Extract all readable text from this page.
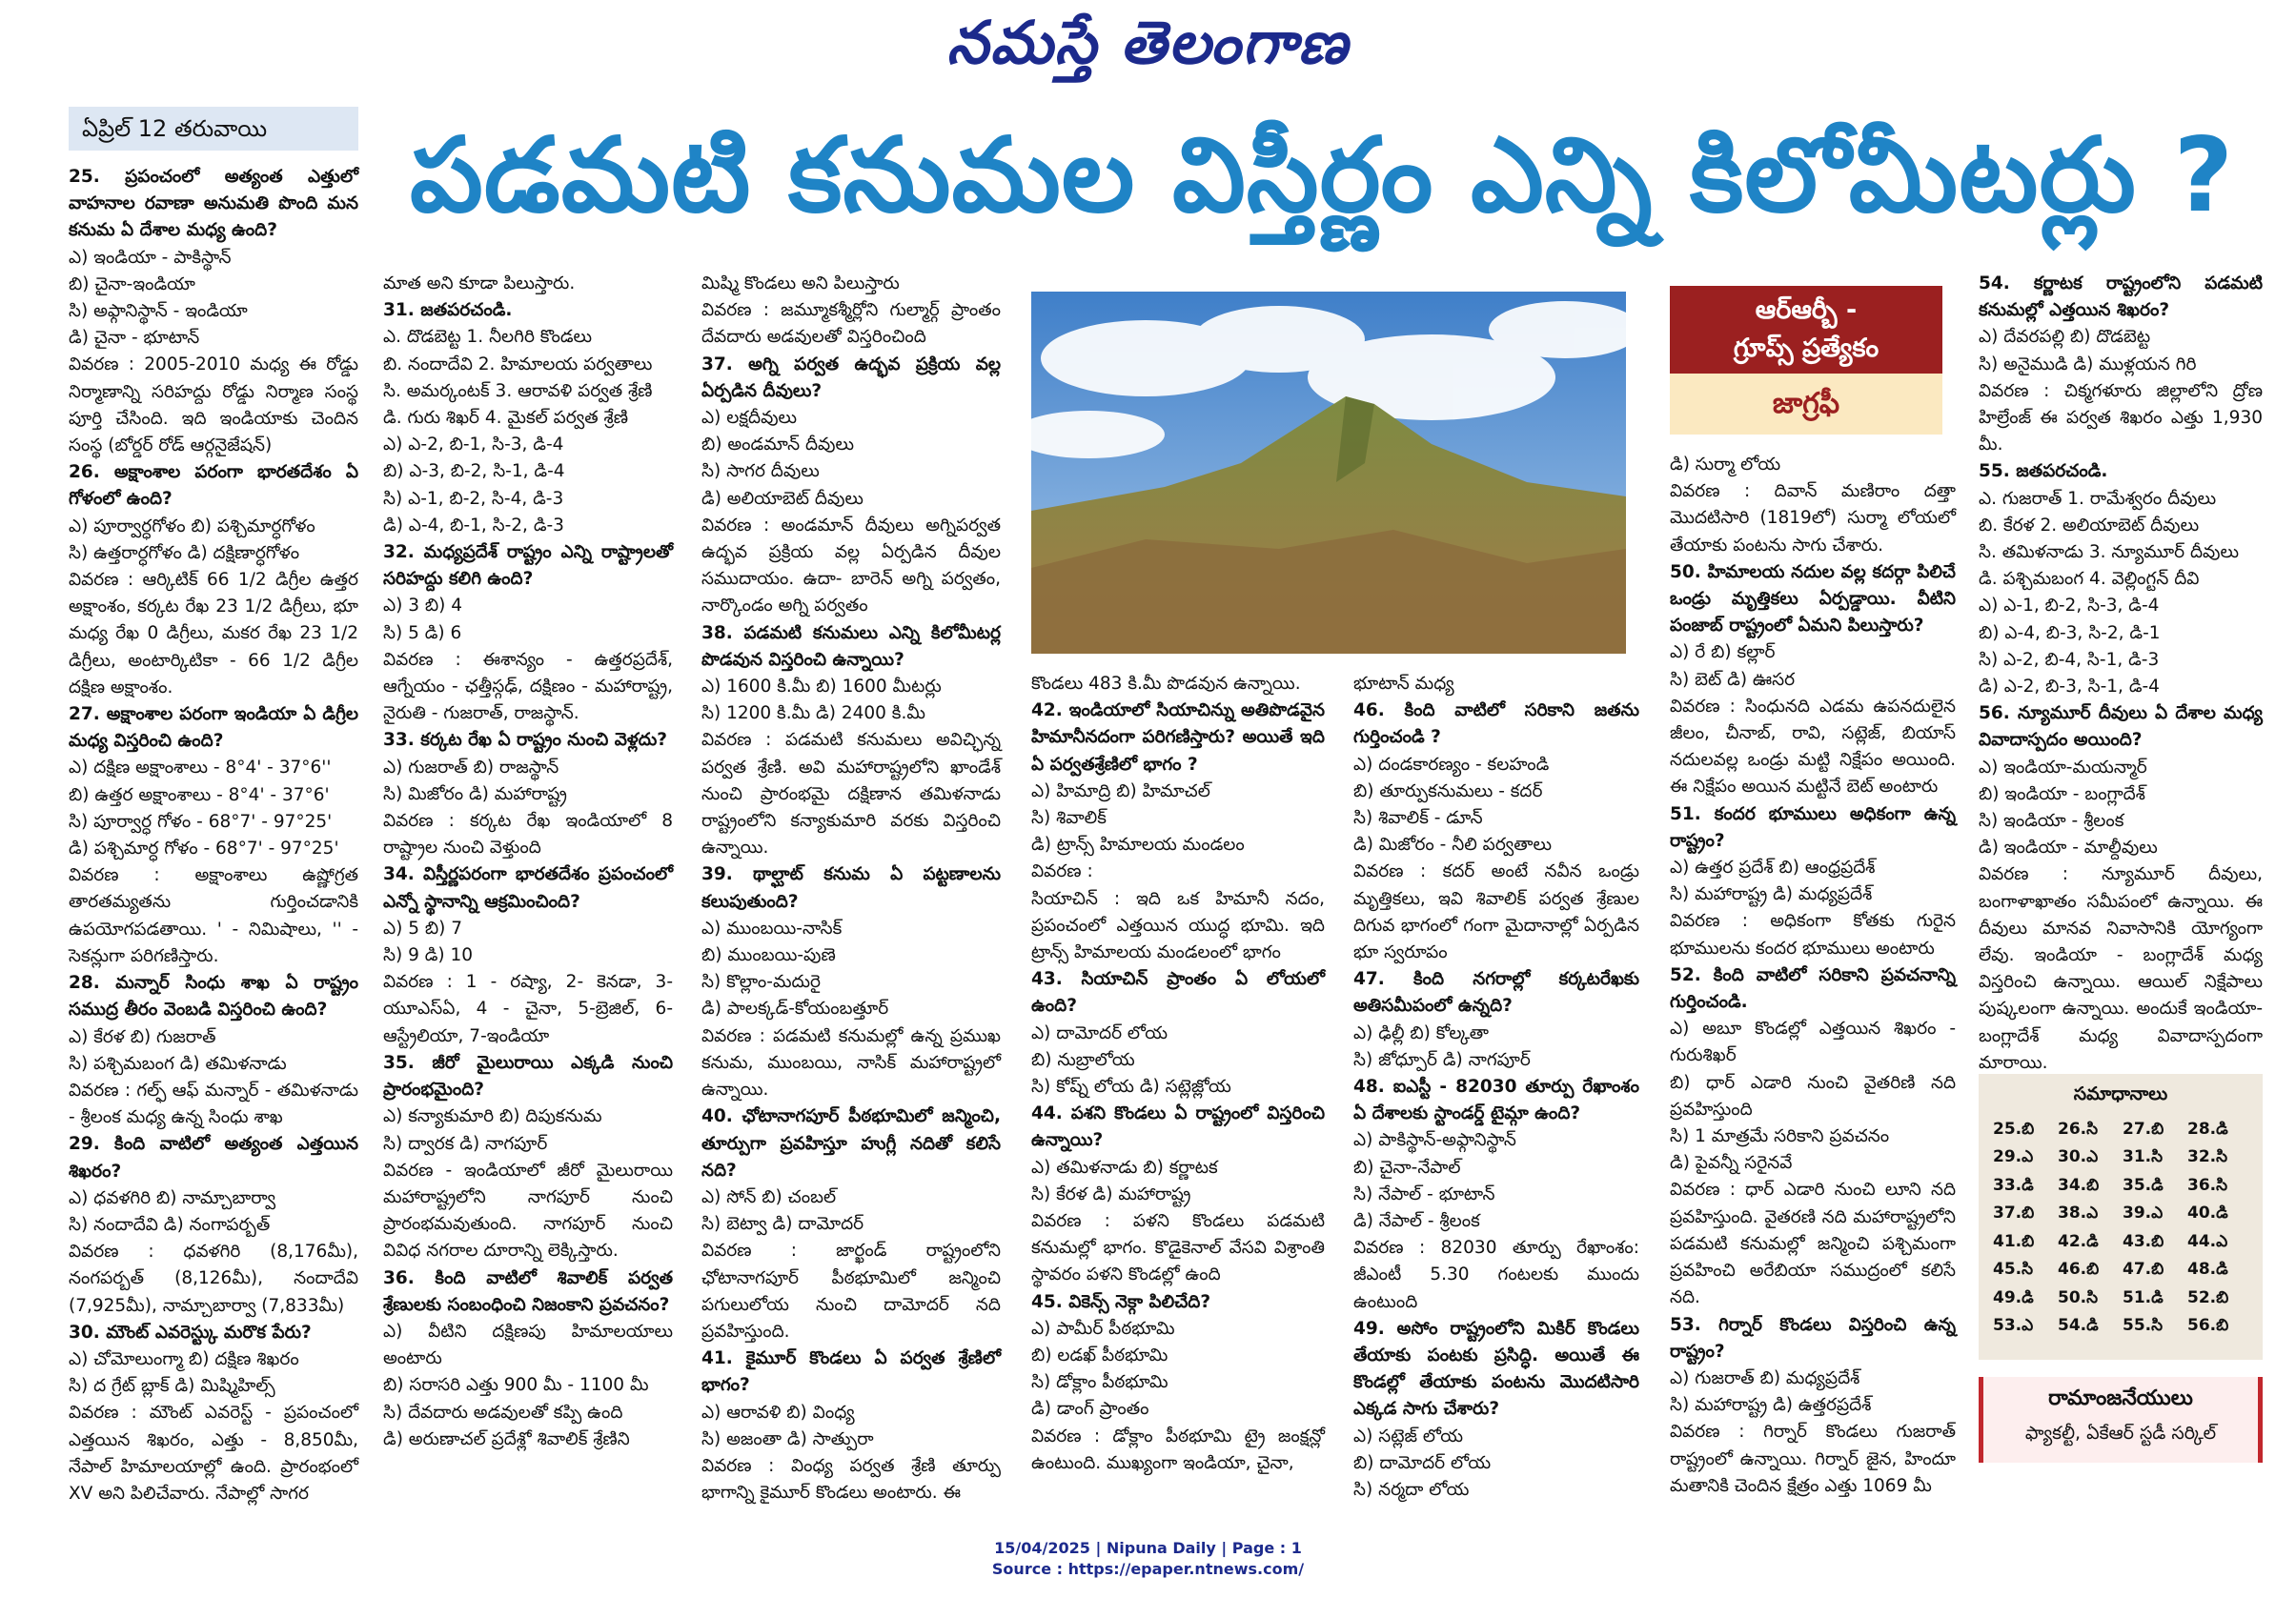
నమస్తే తెలంగాణ
ఏప్రిల్ 12 తరువాయి	పడమటి కనుమల విస్తీర్ణం ఎన్ని కిలోమీటర్లు ?

25. ప్రపంచంలో అత్యంత ఎత్తులో వాహనాల రవాణా అనుమతి పొంది మన కనుమ ఏ దేశాల మధ్య ఉంది?

ఎ) ఇండియా - పాకిస్థాన్

బి) చైనా-ఇండియా

సి) అఫ్గానిస్థాన్ - ఇండియా

డి) చైనా - భూటాన్

వివరణ : 2005-2010 మధ్య ఈ రోడ్డు నిర్మాణాన్ని సరిహద్దు రోడ్డు నిర్మాణ సంస్థ పూర్తి చేసింది. ఇది ఇండియాకు చెందిన సంస్థ (బోర్డర్ రోడ్ ఆర్గనైజేషన్)

26. అక్షాంశాల పరంగా భారతదేశం ఏ గోళంలో ఉంది?

ఎ) పూర్వార్ధగోళం బి) పశ్చిమార్ధగోళం

సి) ఉత్తరార్ధగోళం డి) దక్షిణార్ధగోళం

వివరణ : ఆర్కిటిక్ 66 1/2 డిగ్రీల ఉత్తర అక్షాంశం, కర్కట రేఖ 23 1/2 డిగ్రీలు, భూ మధ్య రేఖ 0 డిగ్రీలు, మకర రేఖ 23 1/2 డిగ్రీలు, అంటార్కిటికా - 66 1/2 డిగ్రీల దక్షిణ అక్షాంశం.

27. అక్షాంశాల పరంగా ఇండియా ఏ డిగ్రీల మధ్య విస్తరించి ఉంది?

ఎ) దక్షిణ అక్షాంశాలు - 8°4' - 37°6''

బి) ఉత్తర అక్షాంశాలు - 8°4' - 37°6'

సి) పూర్వార్ధ గోళం - 68°7' - 97°25'

డి) పశ్చిమార్ధ గోళం - 68°7' - 97°25'

వివరణ : అక్షాంశాలు ఉష్ణోగ్రత తారతమ్యతను గుర్తించడానికి ఉపయోగపడతాయి. ' - నిమిషాలు, '' - సెకన్లుగా పరిగణిస్తారు.

28. మన్నార్ సింధు శాఖ ఏ రాష్ట్రం సముద్ర తీరం వెంబడి విస్తరించి ఉంది?

ఎ) కేరళ బి) గుజరాత్

సి) పశ్చిమబంగ డి) తమిళనాడు

వివరణ : గల్ఫ్ ఆఫ్ మన్నార్ - తమిళనాడు - శ్రీలంక మధ్య ఉన్న సింధు శాఖ

29. కింది వాటిలో అత్యంత ఎత్తయిన శిఖరం?

ఎ) ధవళగిరి బి) నామ్చాబార్వా

సి) నందాదేవి డి) నంగాపర్బత్

వివరణ : ధవళగిరి (8,176మీ), నంగపర్బత్ (8,126మీ), నందాదేవి (7,925మీ), నామ్చాబార్వా (7,833మీ)

30. మౌంట్ ఎవరెస్ట్కు మరొక పేరు?

ఎ) చోమోలుంగ్మా బి) దక్షిణ శిఖరం

సి) ద గ్రేట్ బ్లాక్ డి) మిష్మిహిల్స్

వివరణ : మౌంట్ ఎవరెస్ట్ - ప్రపంచంలో ఎత్తయిన శిఖరం, ఎత్తు - 8,850మీ, నేపాల్ హిమాలయాల్లో ఉంది. ప్రారంభంలో XV అని పిలిచేవారు. నేపాల్లో సాగర

మాత అని కూడా పిలుస్తారు.

31. జతపరచండి.

ఎ. దొడబెట్ట 1. నీలగిరి కొండలు

బి. నందాదేవి 2. హిమాలయ పర్వతాలు

సి. అమర్కంటక్ 3. ఆరావళి పర్వత శ్రేణి

డి. గురు శిఖర్ 4. మైకల్ పర్వత శ్రేణి

ఎ) ఎ-2, బి-1, సి-3, డి-4

బి) ఎ-3, బి-2, సి-1, డి-4

సి) ఎ-1, బి-2, సి-4, డి-3

డి) ఎ-4, బి-1, సి-2, డి-3

32. మధ్యప్రదేశ్ రాష్ట్రం ఎన్ని రాష్ట్రాలతో సరిహద్దు కలిగి ఉంది?

ఎ) 3 బి) 4

సి) 5 డి) 6

వివరణ : ఈశాన్యం - ఉత్తరప్రదేశ్, ఆగ్నేయం - ఛత్తీస్గఢ్, దక్షిణం - మహారాష్ట్ర, నైరుతి - గుజరాత్, రాజస్థాన్.

33. కర్కట రేఖ ఏ రాష్ట్రం నుంచి వెళ్లదు?

ఎ) గుజరాత్ బి) రాజస్థాన్

సి) మిజోరం డి) మహారాష్ట్ర

వివరణ : కర్కట రేఖ ఇండియాలో 8 రాష్ట్రాల నుంచి వెళ్తుంది

34. విస్తీర్ణపరంగా భారతదేశం ప్రపంచంలో ఎన్నో స్థానాన్ని ఆక్రమించింది?

ఎ) 5 బి) 7

సి) 9 డి) 10

వివరణ : 1 - రష్యా, 2- కెనడా, 3-యూఎస్ఏ, 4 - చైనా, 5-బ్రెజిల్, 6-ఆస్ట్రేలియా, 7-ఇండియా

35. జీరో మైలురాయి ఎక్కడి నుంచి ప్రారంభమైంది?

ఎ) కన్యాకుమారి బి) దిపుకనుమ

సి) ద్వారక డి) నాగపూర్

వివరణ - ఇండియాలో జీరో మైలురాయి మహారాష్ట్రలోని నాగపూర్ నుంచి ప్రారంభమవుతుంది. నాగపూర్ నుంచి వివిధ నగరాల దూరాన్ని లెక్కిస్తారు.

36. కింది వాటిలో శివాలిక్ పర్వత శ్రేణులకు సంబంధించి నిజంకాని ప్రవచనం?

ఎ) వీటిని దక్షిణపు హిమాలయాలు అంటారు

బి) సరాసరి ఎత్తు 900 మీ - 1100 మీ

సి) దేవదారు అడవులతో కప్పి ఉంది

డి) అరుణాచల్ ప్రదేశ్లో శివాలిక్ శ్రేణిని

మిష్మి కొండలు అని పిలుస్తారు

వివరణ : జమ్మూకశ్మీర్లోని గుల్మార్గ్ ప్రాంతం దేవదారు అడవులతో విస్తరించింది

37. అగ్ని పర్వత ఉద్భవ ప్రక్రియ వల్ల ఏర్పడిన దీవులు?

ఎ) లక్షదీవులు

బి) అండమాన్ దీవులు

సి) సాగర దీవులు

డి) అలియాబెట్ దీవులు

వివరణ : అండమాన్ దీవులు అగ్నిపర్వత ఉద్భవ ప్రక్రియ వల్ల ఏర్పడిన దీవుల సముదాయం. ఉదా- బారెన్ అగ్ని పర్వతం, నార్కొండం అగ్ని పర్వతం

38. పడమటి కనుమలు ఎన్ని కిలోమీటర్ల పొడవున విస్తరించి ఉన్నాయి?

ఎ) 1600 కి.మీ బి) 1600 మీటర్లు

సి) 1200 కి.మీ డి) 2400 కి.మీ

వివరణ : పడమటి కనుమలు అవిచ్ఛిన్న పర్వత శ్రేణి. అవి మహారాష్ట్రలోని ఖాండేశ్ నుంచి ప్రారంభమై దక్షిణాన తమిళనాడు రాష్ట్రంలోని కన్యాకుమారి వరకు విస్తరించి ఉన్నాయి.

39. థాల్ఘాట్ కనుమ ఏ పట్టణాలను కలుపుతుంది?

ఎ) ముంబయి-నాసిక్

బి) ముంబయి-పుణె

సి) కొల్లాం-మదురై

డి) పాలక్కడ్-కోయంబత్తూర్

వివరణ : పడమటి కనుమల్లో ఉన్న ప్రముఖ కనుమ, ముంబయి, నాసిక్ మహారాష్ట్రలో ఉన్నాయి.

40. ఛోటానాగపూర్ పీఠభూమిలో జన్మించి, తూర్పుగా ప్రవహిస్తూ హుగ్లీ నదితో కలిసే నది?

ఎ) సోన్ బి) చంబల్

సి) బెట్వా డి) దామోదర్

వివరణ : జార్ఖండ్ రాష్ట్రంలోని ఛోటానాగపూర్ పీఠభూమిలో జన్మించి పగులులోయ నుంచి దామోదర్ నది ప్రవహిస్తుంది.

41. కైమూర్ కొండలు ఏ పర్వత శ్రేణిలో భాగం?

ఎ) ఆరావళి బి) వింధ్య

సి) అజంతా డి) సాత్పురా

వివరణ : వింధ్య పర్వత శ్రేణి తూర్పు భాగాన్ని కైమూర్ కొండలు అంటారు. ఈ

కొండలు 483 కి.మీ పొడవున ఉన్నాయి.

42. ఇండియాలో సియాచిన్ను అతిపొడవైన హిమానీనదంగా పరిగణిస్తారు? అయితే ఇది ఏ పర్వతశ్రేణిలో భాగం ?

ఎ) హిమాద్రి బి) హిమాచల్

సి) శివాలిక్

డి) ట్రాన్స్ హిమాలయ మండలం

వివరణ :

సియాచిన్ : ఇది ఒక హిమానీ నదం, ప్రపంచంలో ఎత్తయిన యుద్ధ భూమి. ఇది ట్రాన్స్ హిమాలయ మండలంలో భాగం

43. సియాచిన్ ప్రాంతం ఏ లోయలో ఉంది?

ఎ) దామోదర్ లోయ

బి) నుబ్రాలోయ

సి) కోష్న్ లోయ డి) సట్లెజ్లోయ

44. పశని కొండలు ఏ రాష్ట్రంలో విస్తరించి ఉన్నాయి?

ఎ) తమిళనాడు బి) కర్ణాటక

సి) కేరళ డి) మహారాష్ట్ర

వివరణ : పళని కొండలు పడమటి కనుమల్లో భాగం. కొడైకెనాల్ వేసవి విశ్రాంతి స్థావరం పళని కొండల్లో ఉంది

45. వికెన్స్ నెక్గా పిలిచేది?

ఎ) పామీర్ పీఠభూమి

బి) లడఖ్ పీఠభూమి

సి) డోక్లాం పీఠభూమి

డి) డాంగ్ ప్రాంతం

వివరణ : డోక్లాం పీఠభూమి ట్రై జంక్షన్లో ఉంటుంది. ముఖ్యంగా ఇండియా, చైనా,

భూటాన్ మధ్య

46. కింది వాటిలో సరికాని జతను గుర్తించండి ?

ఎ) దండకారణ్యం - కలహండి

బి) తూర్పుకనుమలు - కదర్

సి) శివాలిక్ - డూన్

డి) మిజోరం - నీలి పర్వతాలు

వివరణ : కదర్ అంటే నవీన ఒండ్రు మృత్తికలు, ఇవి శివాలిక్ పర్వత శ్రేణుల దిగువ భాగంలో గంగా మైదానాల్లో ఏర్పడిన భూ స్వరూపం

47. కింది నగరాల్లో కర్కటరేఖకు అతిసమీపంలో ఉన్నది?

ఎ) ఢిల్లీ బి) కోల్కతా

సి) జోధ్పూర్ డి) నాగపూర్

48. ఐఎస్టీ - 82030 తూర్పు రేఖాంశం ఏ దేశాలకు స్టాండర్డ్ టైమ్గా ఉంది?

ఎ) పాకిస్థాన్-అఫ్గానిస్థాన్

బి) చైనా-నేపాల్

సి) నేపాల్ - భూటాన్

డి) నేపాల్ - శ్రీలంక

వివరణ : 82030 తూర్పు రేఖాంశం: జీఎంటీ 5.30 గంటలకు ముందు ఉంటుంది

49. అసోం రాష్ట్రంలోని మికిర్ కొండలు తేయాకు పంటకు ప్రసిద్ధి. అయితే ఈ కొండల్లో తేయాకు పంటను మొదటిసారి ఎక్కడ సాగు చేశారు?

ఎ) సట్లెజ్ లోయ

బి) దామోదర్ లోయ

సి) నర్మదా లోయ

ఆర్ఆర్బీ -
గ్రూప్స్ ప్రత్యేకం
జాగ్రఫీ

డి) సుర్మా లోయ

వివరణ : దివాన్ మణిరాం దత్తా మొదటిసారి (1819లో) సుర్మా లోయలో తేయాకు పంటను సాగు చేశారు.

50. హిమాలయ నదుల వల్ల కదర్గా పిలిచే ఒండ్రు మృత్తికలు ఏర్పడ్డాయి. వీటిని పంజాబ్ రాష్ట్రంలో ఏమని పిలుస్తారు?

ఎ) రే బి) కల్లార్

సి) బెట్ డి) ఊసర

వివరణ : సింధునది ఎడమ ఉపనదులైన జీలం, చీనాబ్, రావి, సట్లెజ్, బియాస్ నదులవల్ల ఒండ్రు మట్టి నిక్షేపం అయింది. ఈ నిక్షేపం అయిన మట్టినే బెట్ అంటారు

51. కందర భూములు అధికంగా ఉన్న రాష్ట్రం?

ఎ) ఉత్తర ప్రదేశ్ బి) ఆంధ్రప్రదేశ్

సి) మహారాష్ట్ర డి) మధ్యప్రదేశ్

వివరణ : అధికంగా కోతకు గురైన భూములను కందర భూములు అంటారు

52. కింది వాటిలో సరికాని ప్రవచనాన్ని గుర్తించండి.

ఎ) అబూ కొండల్లో ఎత్తయిన శిఖరం - గురుశిఖర్

బి) ధార్ ఎడారి నుంచి వైతరిణి నది ప్రవహిస్తుంది

సి) 1 మాత్రమే సరికాని ప్రవచనం

డి) పైవన్నీ సరైనవే

వివరణ : ధార్ ఎడారి నుంచి లూని నది ప్రవహిస్తుంది. వైతరణి నది మహారాష్ట్రలోని పడమటి కనుమల్లో జన్మించి పశ్చిమంగా ప్రవహించి అరేబియా సముద్రంలో కలిసే నది.

53. గిర్నార్ కొండలు విస్తరించి ఉన్న రాష్ట్రం?

ఎ) గుజరాత్ బి) మధ్యప్రదేశ్

సి) మహారాష్ట్ర డి) ఉత్తరప్రదేశ్

వివరణ : గిర్నార్ కొండలు గుజరాత్ రాష్ట్రంలో ఉన్నాయి. గిర్నార్ జైన, హిందూ మతానికి చెందిన క్షేత్రం ఎత్తు 1069 మీ

54. కర్ణాటక రాష్ట్రంలోని పడమటి కనుమల్లో ఎత్తయిన శిఖరం?

ఎ) దేవరపల్లి బి) దొడబెట్ట

సి) అనైముడి డి) ముళ్లయన గిరి

వివరణ : చిక్మగళూరు జిల్లాలోని ద్రోణ హిల్రేంజ్ ఈ పర్వత శిఖరం ఎత్తు 1,930 మీ.

55. జతపరచండి.

ఎ. గుజరాత్ 1. రామేశ్వరం దీవులు

బి. కేరళ 2. అలియాబెట్ దీవులు

సి. తమిళనాడు 3. న్యూమూర్ దీవులు

డి. పశ్చిమబంగ 4. వెల్లింగ్టన్ దీవి

ఎ) ఎ-1, బి-2, సి-3, డి-4

బి) ఎ-4, బి-3, సి-2, డి-1

సి) ఎ-2, బి-4, సి-1, డి-3

డి) ఎ-2, బి-3, సి-1, డి-4

56. న్యూమూర్ దీవులు ఏ దేశాల మధ్య వివాదాస్పదం అయింది?

ఎ) ఇండియా-మయన్మార్

బి) ఇండియా - బంగ్లాదేశ్

సి) ఇండియా - శ్రీలంక

డి) ఇండియా - మాల్దీవులు

వివరణ : న్యూమూర్ దీవులు, బంగాళాఖాతం సమీపంలో ఉన్నాయి. ఈ దీవులు మానవ నివాసానికి యోగ్యంగా లేవు. ఇండియా - బంగ్లాదేశ్ మధ్య విస్తరించి ఉన్నాయి. ఆయిల్ నిక్షేపాలు పుష్కలంగా ఉన్నాయి. అందుకే ఇండియా-బంగ్లాదేశ్ మధ్య వివాదాస్పదంగా మారాయి.

సమాధానాలు
25.బి	26.సి	27.బి	28.డి
29.ఎ	30.ఎ	31.సి	32.సి
33.డి	34.బి	35.డి	36.సి
37.బి	38.ఎ	39.ఎ	40.డి
41.బి	42.డి	43.బి	44.ఎ
45.సి	46.బి	47.బి	48.డి
49.డి	50.సి	51.డి	52.బి
53.ఎ	54.డి	55.సి	56.బి
రామాంజనేయులు
ఫ్యాకల్టీ, ఏకేఆర్ స్టడీ సర్కిల్
15/04/2025 | Nipuna Daily | Page : 1
Source : https://epaper.ntnews.com/
